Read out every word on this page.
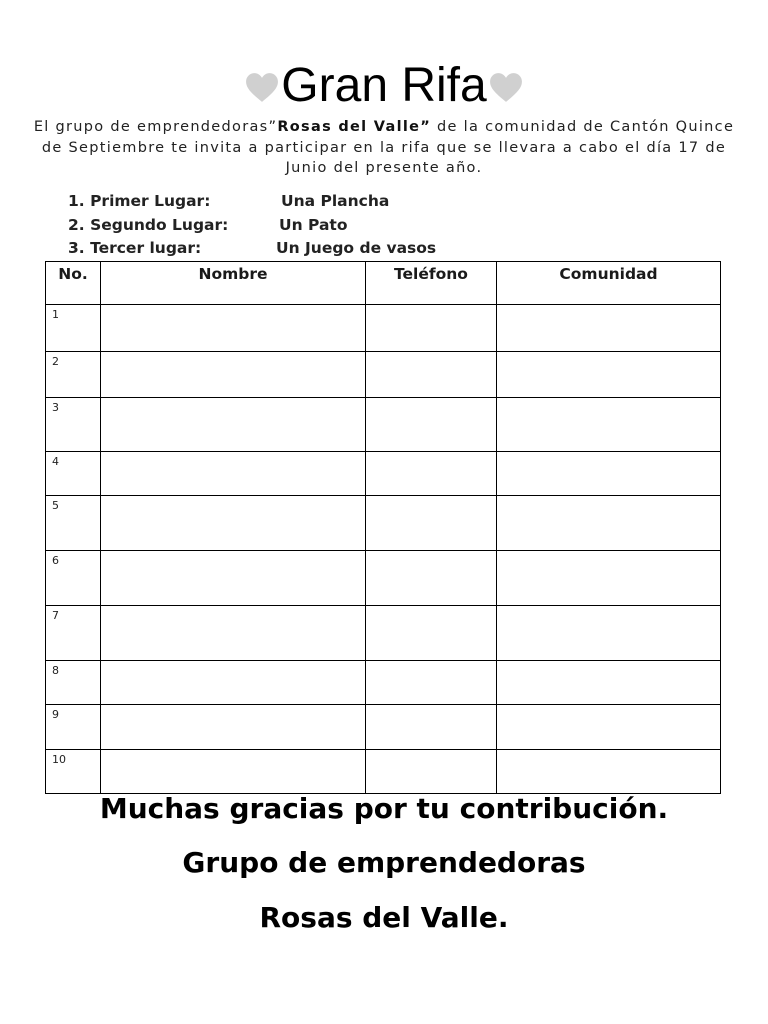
Gran Rifa
El grupo de emprendedoras”Rosas del Valle” de la comunidad de Cantón Quince de Septiembre te invita a participar en la rifa que se llevara a cabo el día 17 de Junio del presente año.
1. Primer Lugar:	Una Plancha
2. Segundo Lugar:	Un Pato
3. Tercer lugar:	Un Juego de vasos
No.	Nombre	Teléfono	Comunidad
1			
2			
3			
4			
5			
6			
7			
8			
9			
10			
Muchas gracias por tu contribución.
Grupo de emprendedoras
Rosas del Valle.
